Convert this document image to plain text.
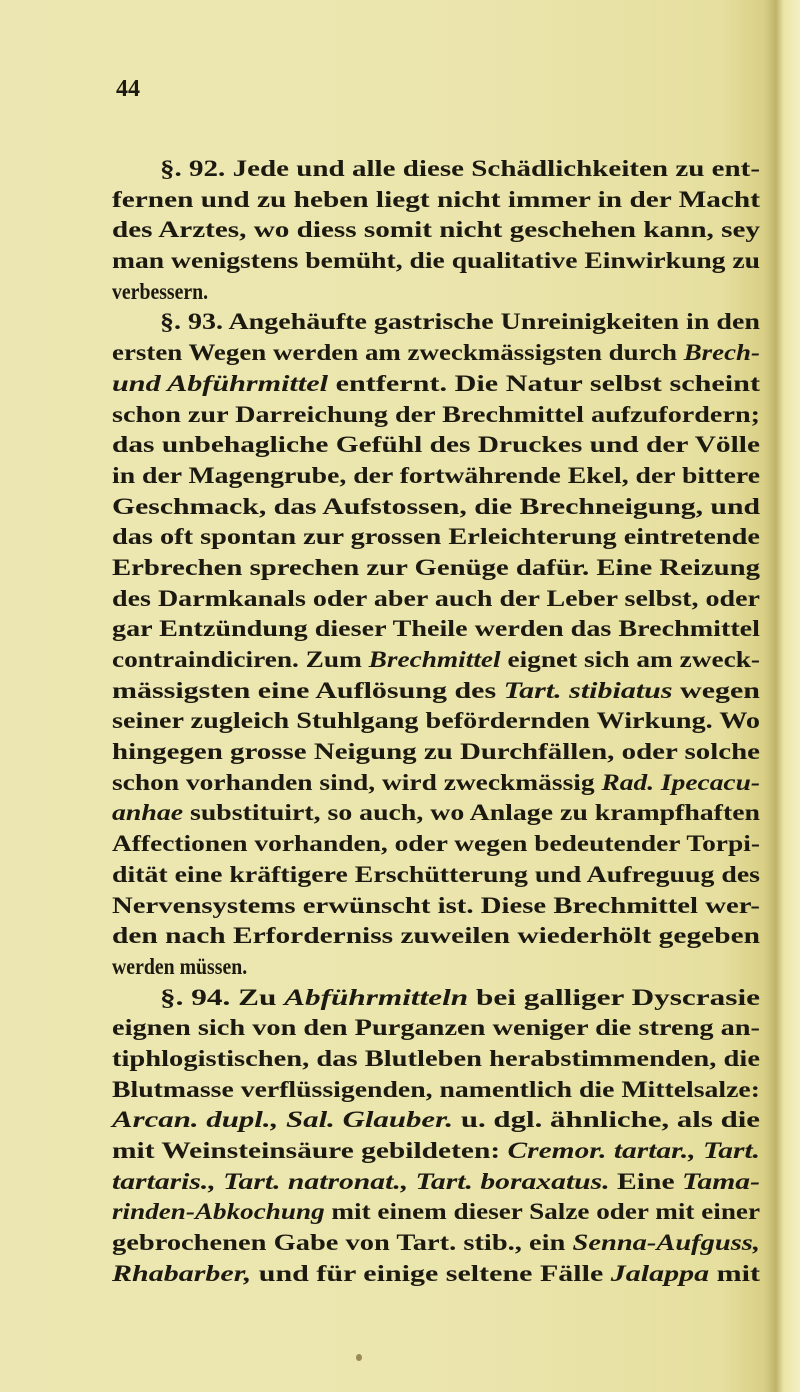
44
§. 92. Jede und alle diese Schädlichkeiten zu ent-
fernen und zu heben liegt nicht immer in der Macht
des Arztes, wo diess somit nicht geschehen kann, sey
man wenigstens bemüht, die qualitative Einwirkung zu
verbessern.
§. 93. Angehäufte gastrische Unreinigkeiten in den
ersten Wegen werden am zweckmässigsten durch Brech-
und Abführmittel entfernt. Die Natur selbst scheint
schon zur Darreichung der Brechmittel aufzufordern;
das unbehagliche Gefühl des Druckes und der Völle
in der Magengrube, der fortwährende Ekel, der bittere
Geschmack, das Aufstossen, die Brechneigung, und
das oft spontan zur grossen Erleichterung eintretende
Erbrechen sprechen zur Genüge dafür. Eine Reizung
des Darmkanals oder aber auch der Leber selbst, oder
gar Entzündung dieser Theile werden das Brechmittel
contraindiciren. Zum Brechmittel eignet sich am zweck-
mässigsten eine Auflösung des Tart. stibiatus wegen
seiner zugleich Stuhlgang befördernden Wirkung. Wo
hingegen grosse Neigung zu Durchfällen, oder solche
schon vorhanden sind, wird zweckmässig Rad. Ipecacu-
anhae substituirt, so auch, wo Anlage zu krampfhaften
Affectionen vorhanden, oder wegen bedeutender Torpi-
dität eine kräftigere Erschütterung und Aufreguug des
Nervensystems erwünscht ist. Diese Brechmittel wer-
den nach Erforderniss zuweilen wiederhölt gegeben
werden müssen.
§. 94. Zu Abführmitteln bei galliger Dyscrasie
eignen sich von den Purganzen weniger die streng an-
tiphlogistischen, das Blutleben herabstimmenden, die
Blutmasse verflüssigenden, namentlich die Mittelsalze:
Arcan. dupl., Sal. Glauber. u. dgl. ähnliche, als die
mit Weinsteinsäure gebildeten: Cremor. tartar., Tart.
tartaris., Tart. natronat., Tart. boraxatus. Eine Tama-
rinden-Abkochung mit einem dieser Salze oder mit einer
gebrochenen Gabe von Tart. stib., ein Senna-Aufguss,
Rhabarber, und für einige seltene Fälle Jalappa mit
